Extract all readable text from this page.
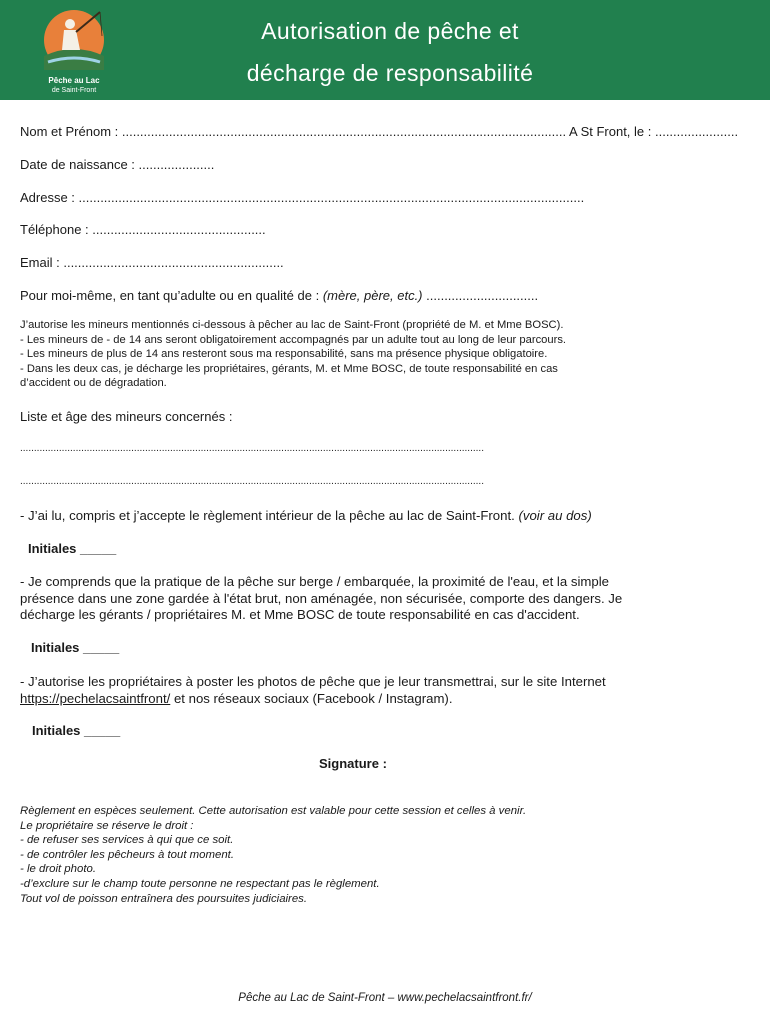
Pêche au Lac
de Saint-Front
Autorisation de pêche et
décharge de responsabilité
Nom et Prénom : ........................................................................................................................... A St Front, le : .......................
Date de naissance : .....................
Adresse : ............................................................................................................................................
Téléphone : ................................................
Email : .............................................................
Pour moi-même, en tant qu’adulte ou en qualité de : (mère, père, etc.) ...............................
J’autorise les mineurs mentionnés ci-dessous à pêcher au lac de Saint-Front (propriété de M. et Mme BOSC).
- Les mineurs de - de 14 ans seront obligatoirement accompagnés par un adulte tout au long de leur parcours.
- Les mineurs de plus de 14 ans resteront sous ma responsabilité, sans ma présence physique obligatoire.
- Dans les deux cas, je décharge les propriétaires, gérants, M. et Mme BOSC, de toute responsabilité en cas
d’accident ou de dégradation.
Liste et âge des mineurs concernés :
.......................................................................................................................................................................
.......................................................................................................................................................................
- J’ai lu, compris et j’accepte le règlement intérieur de la pêche au lac de Saint-Front. (voir au dos)
Initiales _____
- Je comprends que la pratique de la pêche sur berge / embarquée, la proximité de l'eau, et la simple
présence dans une zone gardée à l'état brut, non aménagée, non sécurisée, comporte des dangers. Je
décharge les gérants / propriétaires M. et Mme BOSC de toute responsabilité en cas d'accident.
Initiales _____
- J’autorise les propriétaires à poster les photos de pêche que je leur transmettrai, sur le site Internet
https://pechelacsaintfront/ et nos réseaux sociaux (Facebook / Instagram).
Initiales _____
Signature :
Règlement en espèces seulement. Cette autorisation est valable pour cette session et celles à venir.
Le propriétaire se réserve le droit :
- de refuser ses services à qui que ce soit.
- de contrôler les pêcheurs à tout moment.
- le droit photo.
-d’exclure sur le champ toute personne ne respectant pas le règlement.
Tout vol de poisson entraînera des poursuites judiciaires.
Pêche au Lac de Saint-Front – www.pechelacsaintfront.fr/
